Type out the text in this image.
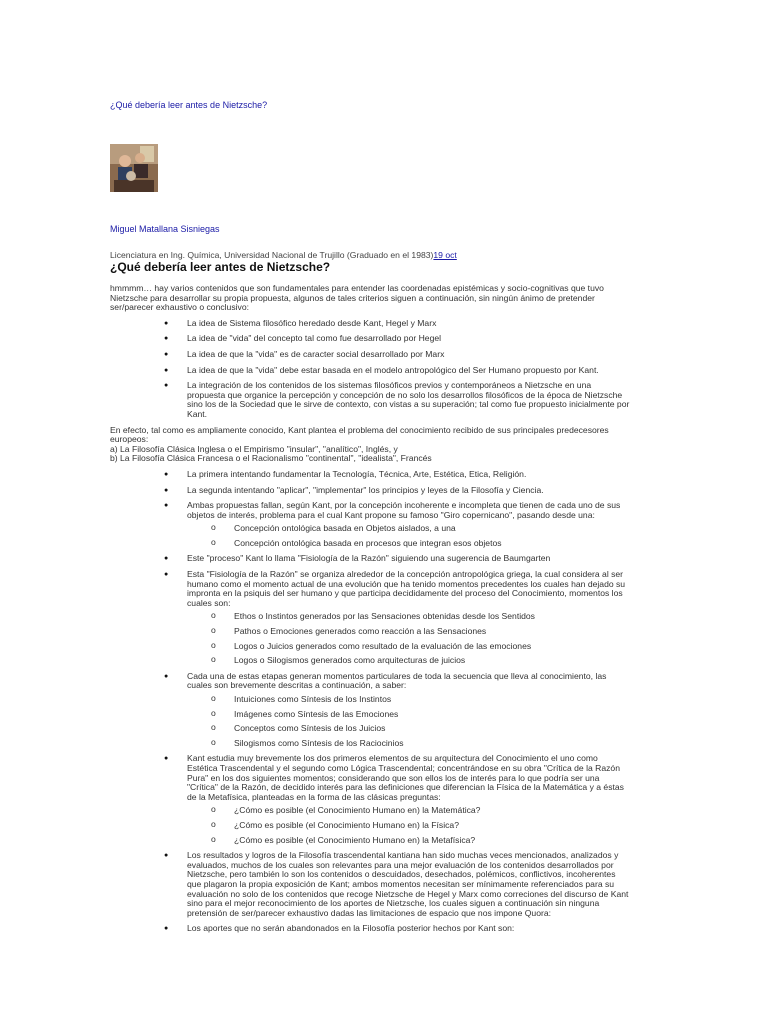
¿Qué debería leer antes de Nietzsche?
Miguel Matallana Sisniegas
Licenciatura en Ing. Química, Universidad Nacional de Trujillo (Graduado en el 1983)19 oct
¿Qué debería leer antes de Nietzsche?

hmmmm… hay varios contenidos que son fundamentales para entender las coordenadas epistémicas y socio-cognitivas que tuvo Nietzsche para desarrollar su propia propuesta, algunos de tales criterios siguen a continuación, sin ningún ánimo de pretender ser/parecer exhaustivo o conclusivo:

● La idea de Sistema filosófico heredado desde Kant, Hegel y Marx
● La idea de "vida" del concepto tal como fue desarrollado por Hegel
● La idea de que la "vida" es de caracter social desarrollado por Marx
● La idea de que la "vida" debe estar basada en el modelo antropológico del Ser Humano propuesto por Kant.
● La integración de los contenidos de los sistemas filosóficos previos y contemporáneos a Nietzsche en una propuesta que organice la percepción y concepción de no solo los desarrollos filosóficos de la época de Nietzsche sino los de la Sociedad que le sirve de contexto, con vistas a su superación; tal como fue propuesto inicialmente por Kant.

En efecto, tal como es ampliamente conocido, Kant plantea el problema del conocimiento recibido de sus principales predecesores europeos:

a) La Filosofía Clásica Inglesa o el Empirismo "insular", "analítico", Inglés, y

b) La Filosofía Clásica Francesa o el Racionalismo "continental", "idealista", Francés

● La primera intentando fundamentar la Tecnología, Técnica, Arte, Estética, Etica, Religión.
● La segunda intentando "aplicar", "implementar" los principios y leyes de la Filosofía y Ciencia.
● Ambas propuestas fallan, según Kant, por la concepción incoherente e incompleta que tienen de cada uno de sus objetos de interés, problema para el cual Kant propone su famoso "Giro copernicano", pasando desde una:
o Concepción ontológica basada en Objetos aislados, a una
o Concepción ontológica basada en procesos que integran esos objetos
● Este "proceso" Kant lo llama "Fisiología de la Razón" siguiendo una sugerencia de Baumgarten
● Esta "Fisiología de la Razón" se organiza alrededor de la concepción antropológica griega, la cual considera al ser humano como el momento actual de una evolución que ha tenido momentos precedentes los cuales han dejado su impronta en la psiquis del ser humano y que participa decididamente del proceso del Conocimiento, momentos los cuales son:
o Ethos o Instintos generados por las Sensaciones obtenidas desde los Sentidos
o Pathos o Emociones generados como reacción a las Sensaciones
o Logos o Juicios generados como resultado de la evaluación de las emociones
o Logos o Silogismos generados como arquitecturas de juicios
● Cada una de estas etapas generan momentos particulares de toda la secuencia que lleva al conocimiento, las cuales son brevemente descritas a continuación, a saber:
o Intuiciones como Síntesis de los Instintos
o Imágenes como Síntesis de las Emociones
o Conceptos como Síntesis de los Juicios
o Silogismos como Síntesis de los Raciocinios
● Kant estudia muy brevemente los dos primeros elementos de su arquitectura del Conocimiento el uno como Estética Trascendental y el segundo como Lógica Trascendental; concentrándose en su obra "Crítica de la Razón Pura" en los dos siguientes momentos; considerando que son ellos los de interés para lo que podría ser una "Crítica" de la Razón, de decidido interés para las definiciones que diferencian la Física de la Matemática y a éstas de la Metafísica, planteadas en la forma de las clásicas preguntas:
o ¿Cómo es posible (el Conocimiento Humano en) la Matemática?
o ¿Cómo es posible (el Conocimiento Humano en) la Física?
o ¿Cómo es posible (el Conocimiento Humano en) la Metafísica?
● Los resultados y logros de la Filosofía trascendental kantiana han sido muchas veces mencionados, analizados y evaluados, muchos de los cuales son relevantes para una mejor evaluación de los contenidos desarrollados por Nietzsche, pero también lo son los contenidos o descuidados, desechados, polémicos, conflictivos, incoherentes que plagaron la propia exposición de Kant; ambos momentos necesitan ser mínimamente referenciados para su evaluación no solo de los contenidos que recoge Nietzsche de Hegel y Marx como correciones del discurso de Kant sino para el mejor reconocimiento de los aportes de Nietzsche, los cuales siguen a continuación sin ninguna pretensión de ser/parecer exhaustivo dadas las limitaciones de espacio que nos impone Quora:
● Los aportes que no serán abandonados en la Filosofía posterior hechos por Kant son:
